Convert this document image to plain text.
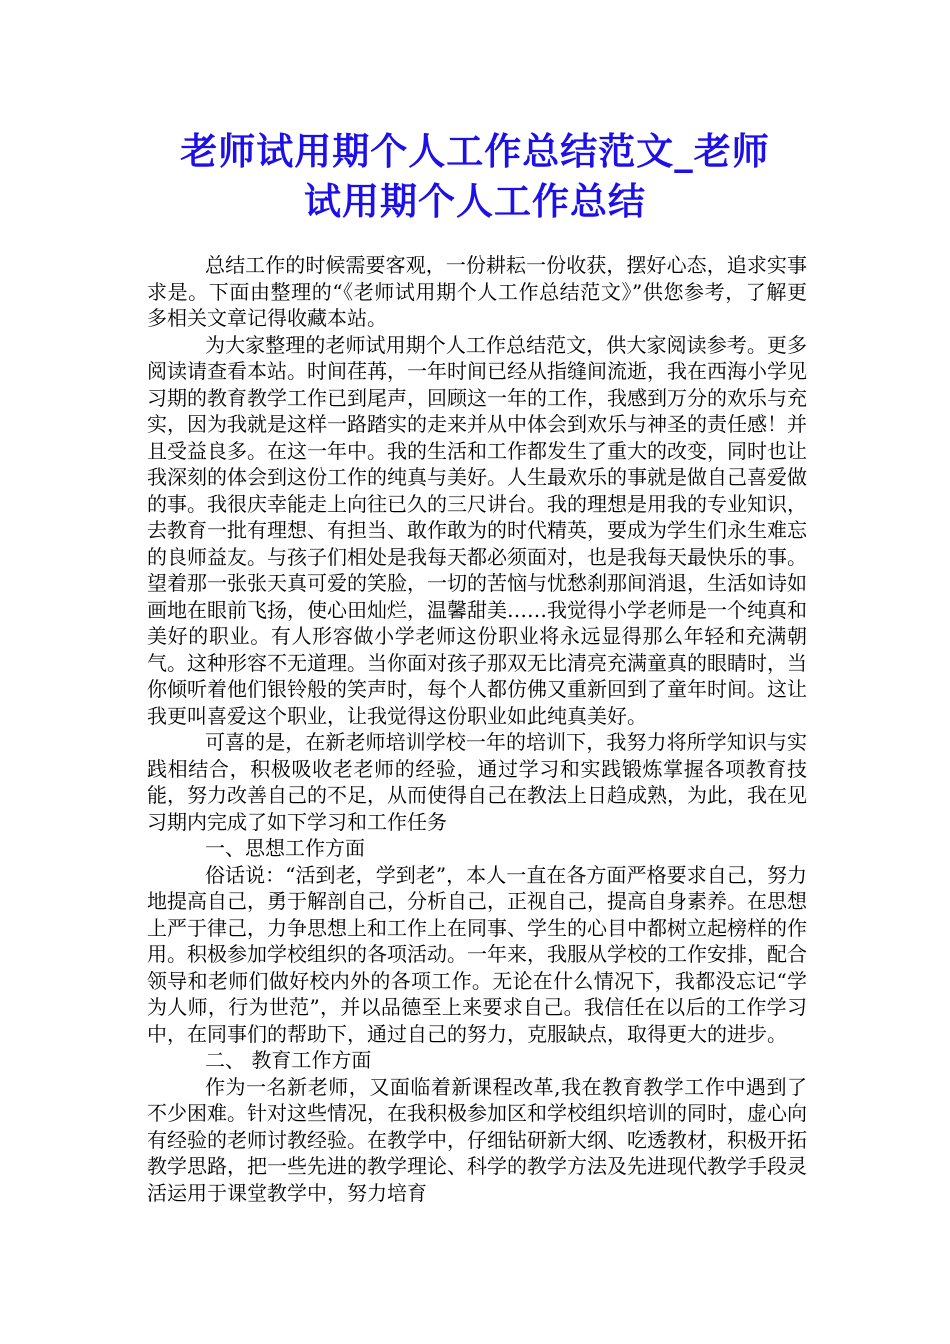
老师试用期个人工作总结范文_老师
试用期个人工作总结

总结工作的时候需要客观，一份耕耘一份收获，摆好心态，追求实事求是。下面由整理的“《老师试用期个人工作总结范文》”供您参考，了解更多相关文章记得收藏本站。

为大家整理的老师试用期个人工作总结范文，供大家阅读参考。更多阅读请查看本站。时间荏苒，一年时间已经从指缝间流逝，我在西海小学见习期的教育教学工作已到尾声，回顾这一年的工作，我感到万分的欢乐与充实，因为我就是这样一路踏实的走来并从中体会到欢乐与神圣的责任感！并且受益良多。在这一年中。我的生活和工作都发生了重大的改变，同时也让我深刻的体会到这份工作的纯真与美好。人生最欢乐的事就是做自己喜爱做的事。我很庆幸能走上向往已久的三尺讲台。我的理想是用我的专业知识，去教育一批有理想、有担当、敢作敢为的时代精英，要成为学生们永生难忘的良师益友。与孩子们相处是我每天都必须面对，也是我每天最快乐的事。望着那一张张天真可爱的笑脸，一切的苦恼与忧愁刹那间消退，生活如诗如画地在眼前飞扬，使心田灿烂，温馨甜美……我觉得小学老师是一个纯真和美好的职业。有人形容做小学老师这份职业将永远显得那么年轻和充满朝气。这种形容不无道理。当你面对孩子那双无比清亮充满童真的眼睛时，当你倾听着他们银铃般的笑声时，每个人都仿佛又重新回到了童年时间。这让我更叫喜爱这个职业，让我觉得这份职业如此纯真美好。

可喜的是，在新老师培训学校一年的培训下，我努力将所学知识与实践相结合，积极吸收老老师的经验，通过学习和实践锻炼掌握各项教育技能，努力改善自己的不足，从而使得自己在教法上日趋成熟，为此，我在见习期内完成了如下学习和工作任务

一、思想工作方面

俗话说：“活到老，学到老”，本人一直在各方面严格要求自己，努力地提高自己，勇于解剖自己，分析自己，正视自己，提高自身素养。在思想上严于律己，力争思想上和工作上在同事、学生的心目中都树立起榜样的作用。积极参加学校组织的各项活动。一年来，我服从学校的工作安排，配合领导和老师们做好校内外的各项工作。无论在什么情况下，我都没忘记“学为人师，行为世范”，并以品德至上来要求自己。我信任在以后的工作学习中，在同事们的帮助下，通过自己的努力，克服缺点，取得更大的进步。

二、 教育工作方面

作为一名新老师，又面临着新课程改革,我在教育教学工作中遇到了不少困难。针对这些情况，在我积极参加区和学校组织培训的同时，虚心向有经验的老师讨教经验。在教学中，仔细钻研新大纲、吃透教材，积极开拓教学思路，把一些先进的教学理论、科学的教学方法及先进现代教学手段灵活运用于课堂教学中，努力培育
